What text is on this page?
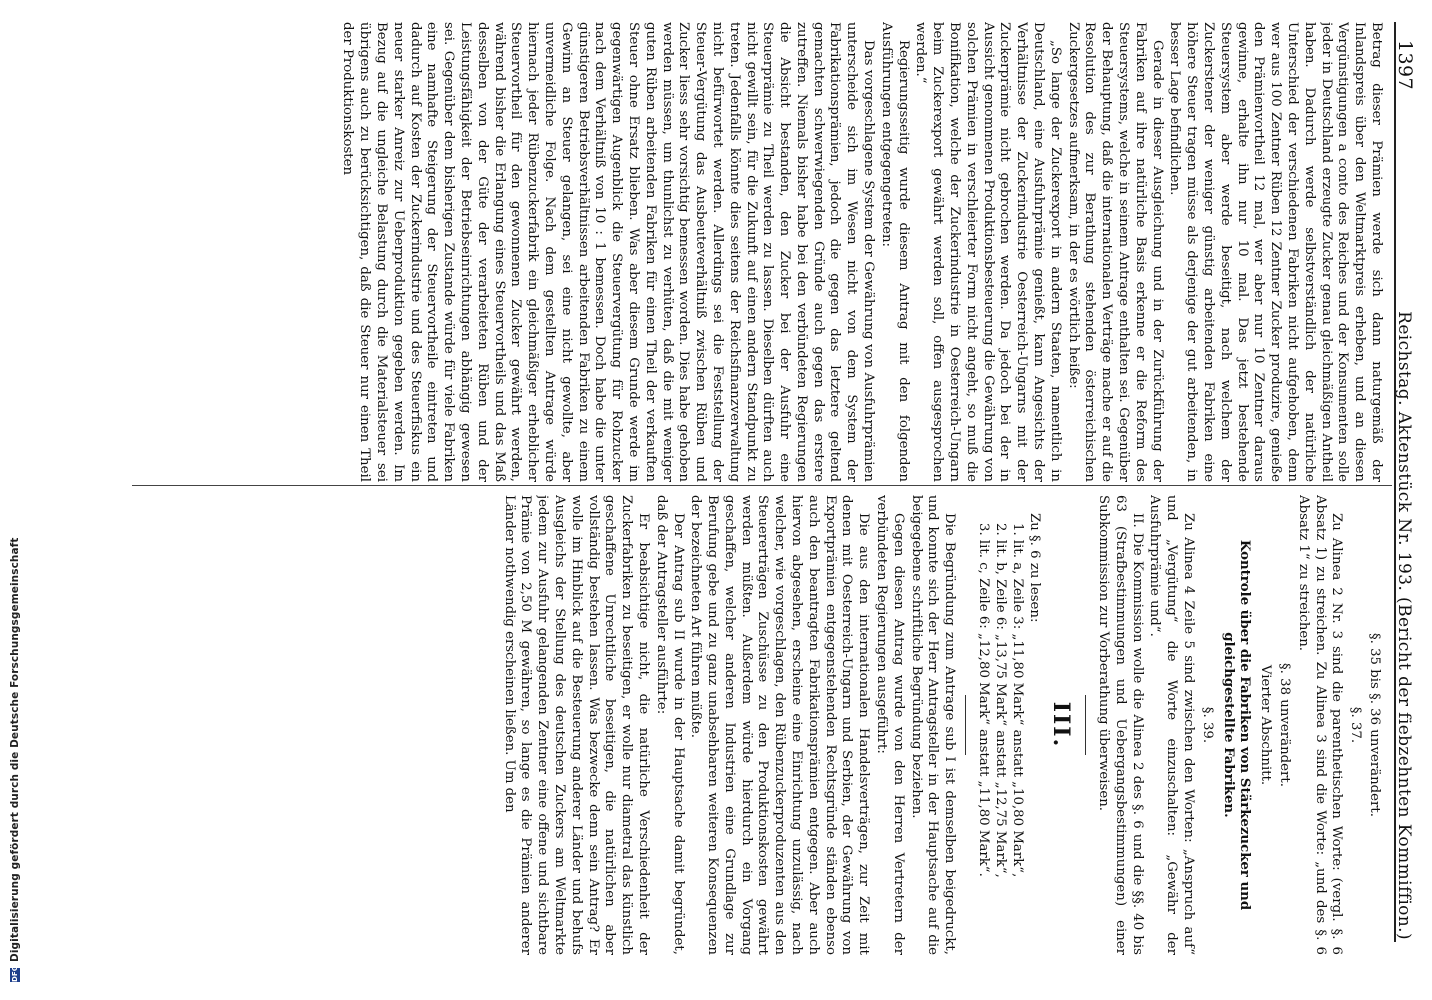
DFG
Digitalisierung gefördert durch die Deutsche Forschungsgemeinschaft
1397
Reichstag. Aktenstück Nr. 193. (Bericht der fiebzehnten Kommiffion.)

Betrag dieser Prämien werde sich dann naturgemäß der Inlandspreis über den Weltmarktpreis erheben, und an diesen Vergünstigungen a conto des Reiches und der Konsumenten solle jeder in Deutschland erzeugte Zucker genau gleichmäßigen Antheil haben. Dadurch werde selbstverständlich der natürliche Unterschied der verschiedenen Fabriken nicht aufgehoben, denn wer aus 100 Zentner Rüben 12 Zentner Zucker produzire, genieße den Prämienvortheil 12 mal, wer aber nur 10 Zentner daraus gewinne, erhalte ihn nur 10 mal. Das jetzt bestehende Steuersystem aber werde beseitigt, nach welchem der Zuckerstener der weniger günstig arbeitenden Fabriken eine höhere Steuer tragen müsse als derjenige der gut arbeitenden, in besser Lage befindlichen.

Gerade in dieser Ausgleichung und in der Zurückführung der Fabriken auf ihre natürliche Basis erkenne er die Reform des Steuersystems, welche in seinem Antrage enthalten sei. Gegenüber der Behauptung, daß die internationalen Verträge mache er auf die Resolution des zur Berathung stehenden österreichischen Zuckergesetzes aufmerksam, in der es wörtlich heiße:

„So lange der Zuckerexport in andern Staaten, namentlich in Deutschland, eine Ausfuhrprämie genießt, kann Angesichts der Verhältnisse der Zuckerindustrie Oesterreich-Ungarns mit der Zuckerprämie nicht gebrochen werden. Da jedoch bei der in Aussicht genommenen Produktionsbesteuerung die Gewährung von solchen Prämien in verschleierter Form nicht angeht, so muß die Bonifikation, welche der Zuckerindustrie in Oesterreich-Ungarn beim Zuckerexport gewährt werden soll, offen ausgesprochen werden.“

Regierungsseitig wurde diesem Antrag mit den folgenden Ausführungen entgegengetreten:

Das vorgeschlagene System der Gewährung von Ausfuhrprämien unterscheide sich im Wesen nicht von dem System der Fabrikationsprämien, jedoch die gegen das letztere geltend gemachten schwerwiegenden Gründe auch gegen das erstere zutreffen. Niemals bisher habe bei den verbündeten Regierungen die Absicht bestanden, den Zucker bei der Ausfuhr eine Steuerprämie zu Theil werden zu lassen. Dieselben dürften auch nicht gewillt sein, für die Zukunft auf einen andern Standpunkt zu treten. Jedenfalls könnte dies seitens der Reichsfinanzverwaltung nicht befürwortet werden. Allerdings sei die Feststellung der Steuer-Vergütung das Ausbeuteverhältniß zwischen Rüben und Zucker liess sehr vorsichtig bemessen worden. Dies habe gehoben werden müssen, um thunlichst zu verhüten, daß die mit weniger guten Rüben arbeitenden Fabriken für einen Theil der verkauften Steuer ohne Ersatz blieben. Was aber diesem Grunde werde im gegenwärtigen Augenblick die Steuervergütung für Rohzucker nach dem Verhältniß von 10 : 1 bemessen. Doch habe die unter günstigeren Betriebsverhältnissen arbeitenden Fabriken zu einem Gewinn an Steuer gelangen, sei eine nicht gewollte, aber unvermeidliche Folge. Nach dem gestellten Antrage würde hiernach jeder Rübenzuckerfabrik ein gleichmäßiger erheblicher Steuervortheil für den gewonnenen Zucker gewährt werden, während bisher die Erlangung eines Steuervortheils und das Maß desselben von der Güte der verarbeiteten Rüben und der Leistungsfähigkeit der Betriebseinrichtungen abhängig gewesen sei. Gegenüber dem bisherigen Zustande würde für viele Fabriken eine namhafte Steigerung der Steuervortheile eintreten und dadurch auf Kosten der Zuckerindustrie und des Steuerfiskus ein neuer starker Anreiz zur Ueberproduktion gegeben werden. Im Bezug auf die ungleiche Belastung durch die Materialsteuer sei übrigens auch zu berücksichtigen, daß die Steuer nur einen Theil der Produktionskosten

§. 35 bis §. 36 unverändert.

§. 37.

Zu Alinea 2 Nr. 3 sind die parenthetischen Worte: (vergl. §. 6 Absatz 1) zu streichen. Zu Alinea 3 sind die Worte: „und des §. 6 Absatz 1“ zu streichen.

§. 38 unverändert.

Vierter Abschnitt.

Kontrole über die Fabriken von Stärkezucker und gleichgestellte Fabriken.

§. 39.

Zu Alinea 4 Zeile 5 sind zwischen den Worten: „Anspruch auf“ und „Vergütung“ die Worte einzuschalten: „Gewähr der Ausfuhrprämie und“.

II. Die Kommission wolle die Alinea 2 des §. 6 und die §§. 40 bis 63 (Strafbestimmungen und Uebergangsbestimmungen) einer Subkommission zur Vorberathung überweisen.

III.

Zu §. 6 zu lesen:

1. lit. a, Zeile 3: „11,80 Mark“ anstatt „10,80 Mark“,

2. lit. b, Zeile 6: „13,75 Mark“ anstatt „12,75 Mark“,

3. lit. c, Zeile 6: „12,80 Mark“ anstatt „11,80 Mark“.

Die Begründung zum Antrage sub I ist demselben beigedruckt, und konnte sich der Herr Antragsteller in der Hauptsache auf die beigegebene schriftliche Begründung beziehen.

Gegen diesen Antrag wurde von den Herren Vertretern der verbündeten Regierungen ausgeführt:

Die aus den internationalen Handelsverträgen, zur Zeit mit denen mit Oesterreich-Ungarn und Serbien, der Gewährung von Exportprämien entgegenstehenden Rechtsgründe ständen ebenso auch den beantragten Fabrikationsprämien entgegen. Aber auch hiervon abgesehen, erscheine eine Einrichtung unzulässig, nach welcher, wie vorgeschlagen, den Rübenzuckerproduzenten aus den Steuererträgen Zuschüsse zu den Produktionskosten gewährt werden müßten. Außerdem würde hierdurch ein Vorgang geschaffen, welcher anderen Industrien eine Grundlage zur Berufung gebe und zu ganz unabsehbaren weiteren Konsequenzen der bezeichneten Art führen müßte.

Der Antrag sub II wurde in der Hauptsache damit begründet, daß der Antragsteller ausführte:

Er beabsichtige nicht, die natürliche Verschiedenheit der Zuckerfabriken zu beseitigen, er wolle nur diametral das künstlich geschaffene Unrechtliche beseitigen, die natürlichen aber vollständig bestehen lassen. Was bezwecke denn sein Antrag? Er wolle im Hinblick auf die Besteuerung anderer Länder und behufs Ausgleichs der Stellung des deutschen Zuckers am Weltmarkte jedem zur Ausfuhr gelangenden Zentner eine offene und sichtbare Prämie von 2,50 M gewähren, so lange es die Prämien anderer Länder nothwendig erscheinen ließen. Um den
